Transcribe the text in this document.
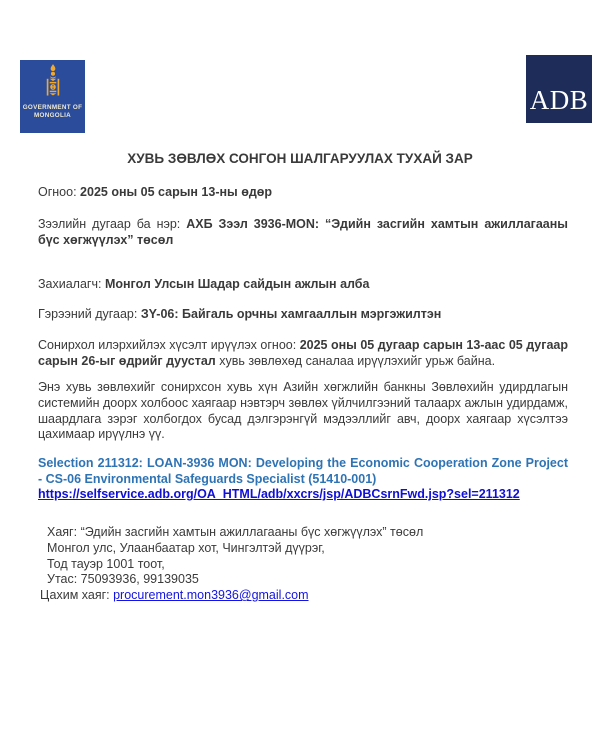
GOVERNMENT OF
MONGOLIA
ADB
ХУВЬ ЗӨВЛӨХ СОНГОН ШАЛГАРУУЛАХ ТУХАЙ ЗАР
Огноо: 2025 оны 05 сарын 13-ны өдөр
Зээлийн дугаар ба нэр: АХБ Зээл 3936-MON: “Эдийн засгийн хамтын ажиллагааны бүс хөгжүүлэх” төсөл
Захиалагч: Монгол Улсын Шадар сайдын ажлын алба
Гэрээний дугаар: ЗY-06: Байгаль орчны хамгааллын мэргэжилтэн
Сонирхол илэрхийлэх хүсэлт ирүүлэх огноо: 2025 оны 05 дугаар сарын 13-аас 05 дугаар сарын 26-ыг өдрийг дуустал хувь зөвлөхөд саналаа ирүүлэхийг урьж байна.
Энэ хувь зөвлөхийг сонирхсон хувь хүн Азийн хөгжлийн банкны Зөвлөхийн удирдлагын системийн доорх холбоос хаягаар нэвтэрч зөвлөх үйлчилгээний талаарх ажлын удирдамж, шаардлага зэрэг холбогдох бусад дэлгэрэнгүй мэдээллийг авч, доорх хаягаар хүсэлтээ цахимаар ирүүлнэ үү.
Selection 211312: LOAN-3936 MON: Developing the Economic Cooperation Zone Project - CS-06 Environmental Safeguards Specialist (51410-001)
https://selfservice.adb.org/OA_HTML/adb/xxcrs/jsp/ADBCsrnFwd.jsp?sel=211312
Хаяг: “Эдийн засгийн хамтын ажиллагааны бүс хөгжүүлэх” төсөл
Монгол улс, Улаанбаатар хот, Чингэлтэй дүүрэг,
Тод тауэр 1001 тоот,
Утас: 75093936, 99139035
Цахим хаяг: procurement.mon3936@gmail.com
